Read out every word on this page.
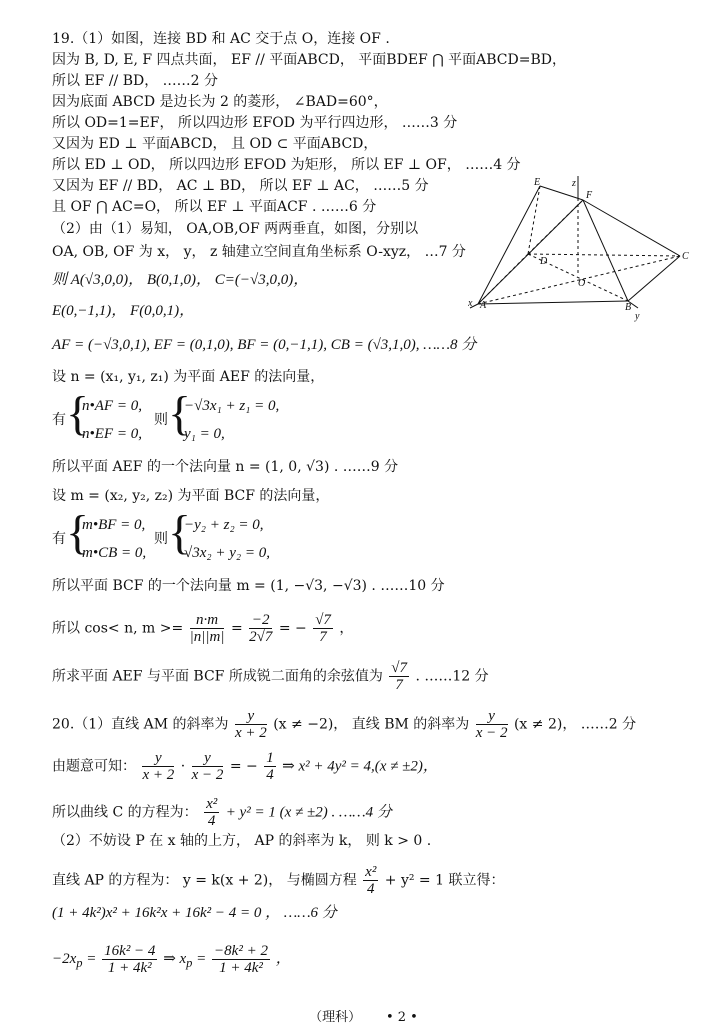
19.（1）如图，连接 BD 和 AC 交于点 O，连接 OF .
因为 B, D, E, F 四点共面， EF // 平面ABCD， 平面BDEF ⋂ 平面ABCD=BD，
所以 EF // BD， ……2 分
因为底面 ABCD 是边长为 2 的菱形， ∠BAD=60°，
所以 OD=1=EF， 所以四边形 EFOD 为平行四边形， ……3 分
又因为 ED ⊥ 平面ABCD， 且 OD ⊂ 平面ABCD，
所以 ED ⊥ OD， 所以四边形 EFOD 为矩形， 所以 EF ⊥ OF， ……4 分
又因为 EF // BD， AC ⊥ BD， 所以 EF ⊥ AC， ……5 分
且 OF ⋂ AC=O， 所以 EF ⊥ 平面ACF . ……6 分
（2）由（1）易知， OA,OB,OF 两两垂直，如图，分别以
OA, OB, OF 为 x， y， z 轴建立空间直角坐标系 O-xyz， …7 分
则 A(√3,0,0)， B(0,1,0)， C=(−√3,0,0)，
E(0,−1,1)， F(0,0,1)，
AF = (−√3,0,1), EF = (0,1,0), BF = (0,−1,1), CB = (√3,1,0), ……8 分
设 n = (x₁, y₁, z₁) 为平面 AEF 的法向量，
有 {
n•AF = 0,
n•EF = 0,
则 {
−√3x₁ + z₁ = 0,
y₁ = 0,
所以平面 AEF 的一个法向量 n = (1, 0, √3) . ……9 分
设 m = (x₂, y₂, z₂) 为平面 BCF 的法向量，
有 {
m•BF = 0,
m•CB = 0,
则 {
−y₂ + z₂ = 0,
√3x₂ + y₂ = 0,
所以平面 BCF 的一个法向量 m = (1, −√3, −√3) . ……10 分
所以 cos< n, $m >= \frac{n\cdot m}{|n||m|} = \frac{-2}{2√7}$ = − $\frac{√7}{7}$ ，
所求平面 AEF 与平面 BCF 所成锐二面角的余弦值为 $\frac{√7}{7}$ . ……12 分
20.（1）直线 AM 的斜率为 $\frac{y}{x + 2} (x \ne -2)$， 直线 BM 的斜率为 $\frac{y}{x - 2} (x \ne 2)$， ……2 分
由题意可知： $\frac{y}{x + 2} \cdot \frac{y}{x - 2}$ = − $\frac{1}{4}$ ⇒ x² + 4y² = 4,(x ≠ ±2)，
所以曲线 C 的方程为： $\frac{\text{x²}}{4} + y^2 = 1$ (x ≠ ±2) . ……4 分
（2）不妨设 P 在 x 轴的上方， AP 的斜率为 k， 则 k > 0 .
直线 AP 的方程为： y = k(x + 2)， 与椭圆方程 $\frac{\text{x²}}{4} + y^2 = 1$ 联立得：
(1 + 4k²)x² + 16k²x + 16k² − 4 = 0 ， ……6 分
$-2x_p = \frac{\text{16k² − 4}}{\text{1 + 4k²}}$ ⇒ $x_p = \frac{\text{−8k² + 2}}{\text{1 + 4k²}}$ ，
E	z
F
D	C
O
x A	B
y
（理科） • 2 •
